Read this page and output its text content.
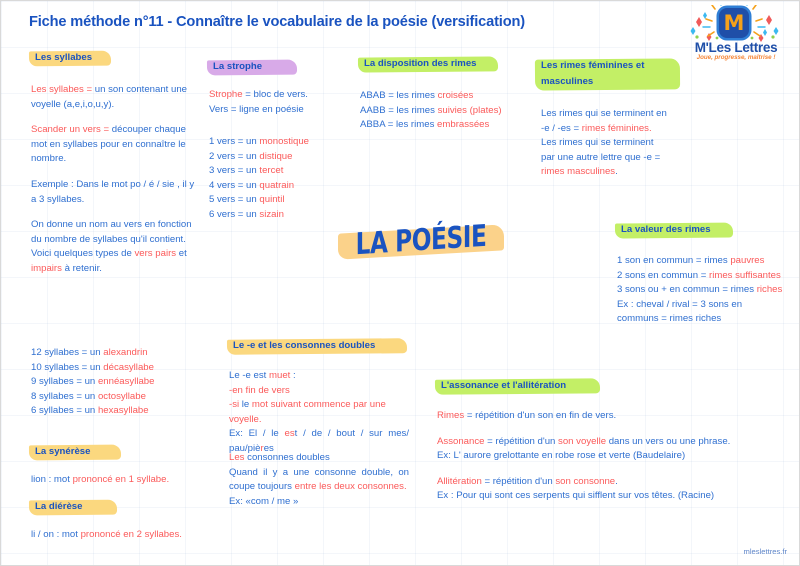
Fiche méthode n°11 - Connaître le vocabulaire de la poésie (versification)	M
M'Les Lettres
Joue, progresse, maîtrise !
LA POÉSIE
Les syllabes

Les syllabes = un son contenant une voyelle (a,e,i,o,u,y).

Scander un vers = découper chaque mot en syllabes pour en connaître le nombre.

Exemple : Dans le mot po / é / sie , il y a 3 syllabes.

On donne un nom au vers en fonction du nombre de syllabes qu'il contient. Voici quelques types de vers pairs et impairs à retenir.

12 syllabes = un alexandrin
10 syllabes = un décasyllabe
9 syllabes = un ennéasyllabe
8 syllabes = un octosyllabe
6 syllabes = un hexasyllabe
La synérèse
lion : mot prononcé en 1 syllabe.
La diérèse
li / on : mot prononcé en 2 syllabes.
La strophe
Strophe = bloc de vers.
Vers = ligne en poésie
1 vers = un monostique
2 vers = un distique
3 vers = un tercet
4 vers = un quatrain
5 vers = un quintil
6 vers = un sizain
La disposition des rimes
ABAB = les rimes croisées
AABB = les rimes suivies (plates)
ABBA = les rimes embrassées
Les rimes féminines et masculines
Les rimes qui se terminent en -e / -es = rimes féminines. Les rimes qui se terminent par une autre lettre que -e = rimes masculines.
La valeur des rimes
1 son en commun = rimes pauvres
2 sons en commun = rimes suffisantes
3 sons ou + en commun = rimes riches
Ex : cheval / rival = 3 sons en communs = rimes riches
Le -e et les consonnes doubles
Le -e est muet :
-en fin de vers
-si le mot suivant commence par une voyelle.
Ex: El / le est / de / bout / sur mes/ pau/pières
Les consonnes doubles
Quand il y a une consonne double, on coupe toujours entre les deux consonnes.
Ex: «com / me »
L'assonance et l'allitération

Rimes = répétition d'un son en fin de vers.

Assonance = répétition d'un son voyelle dans un vers ou une phrase.

Ex: L' aurore grelottante en robe rose et verte (Baudelaire)

Allitération = répétition d'un son consonne.

Ex : Pour qui sont ces serpents qui sifflent sur vos têtes. (Racine)

mleslettres.fr
